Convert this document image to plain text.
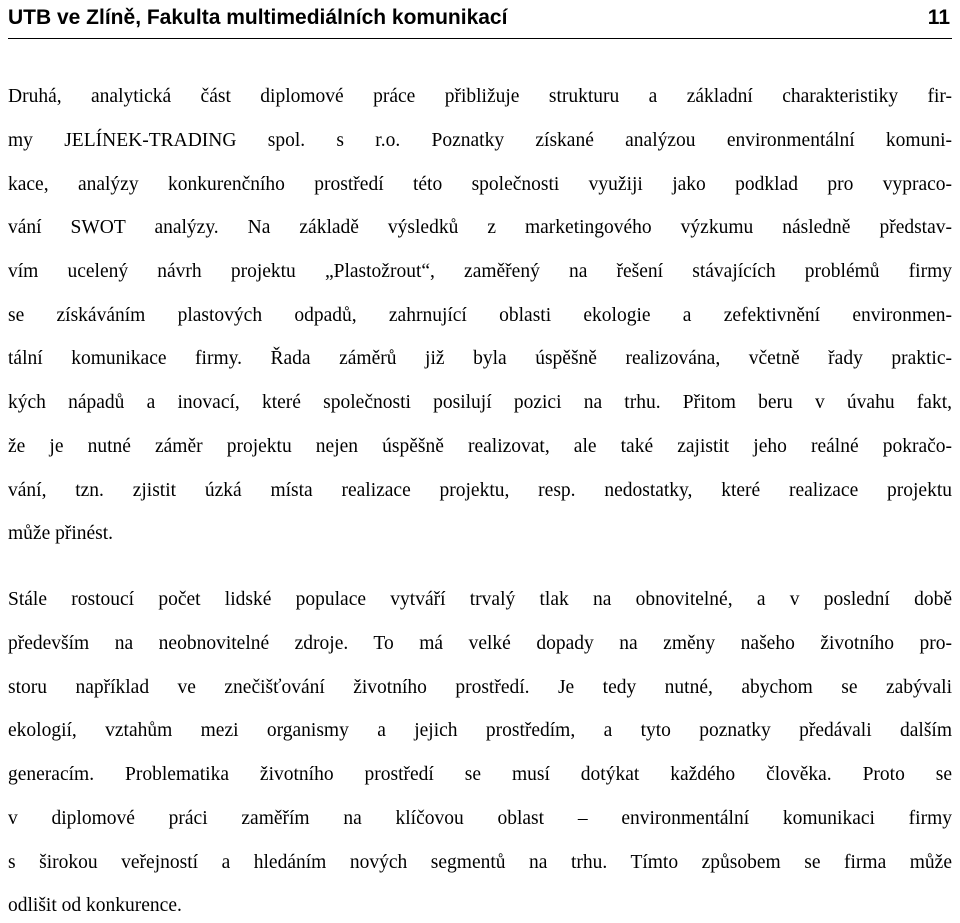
UTB ve Zlíně, Fakulta multimediálních komunikací	11
Druhá, analytická část diplomové práce přibližuje strukturu a základní charakteristiky fir-
my JELÍNEK-TRADING spol. s r.o. Poznatky získané analýzou environmentální komuni-
kace, analýzy konkurenčního prostředí této společnosti využiji jako podklad pro vypraco-
vání SWOT analýzy. Na základě výsledků z marketingového výzkumu následně představ-
vím ucelený návrh projektu „Plastožrout“, zaměřený na řešení stávajících problémů firmy
se získáváním plastových odpadů, zahrnující oblasti ekologie a zefektivnění environmen-
tální komunikace firmy. Řada záměrů již byla úspěšně realizována, včetně řady praktic-
kých nápadů a inovací, které společnosti posilují pozici na trhu. Přitom beru v úvahu fakt,
že je nutné záměr projektu nejen úspěšně realizovat, ale také zajistit jeho reálné pokračo-
vání, tzn. zjistit úzká místa realizace projektu, resp. nedostatky, které realizace projektu
může přinést.
Stále rostoucí počet lidské populace vytváří trvalý tlak na obnovitelné, a v poslední době
především na neobnovitelné zdroje. To má velké dopady na změny našeho životního pro-
storu například ve znečišťování životního prostředí. Je tedy nutné, abychom se zabývali
ekologií, vztahům mezi organismy a jejich prostředím, a tyto poznatky předávali dalším
generacím. Problematika životního prostředí se musí dotýkat každého člověka. Proto se
v diplomové práci zaměřím na klíčovou oblast – environmentální komunikaci firmy
s širokou veřejností a hledáním nových segmentů na trhu. Tímto způsobem se firma může
odlišit od konkurence.
